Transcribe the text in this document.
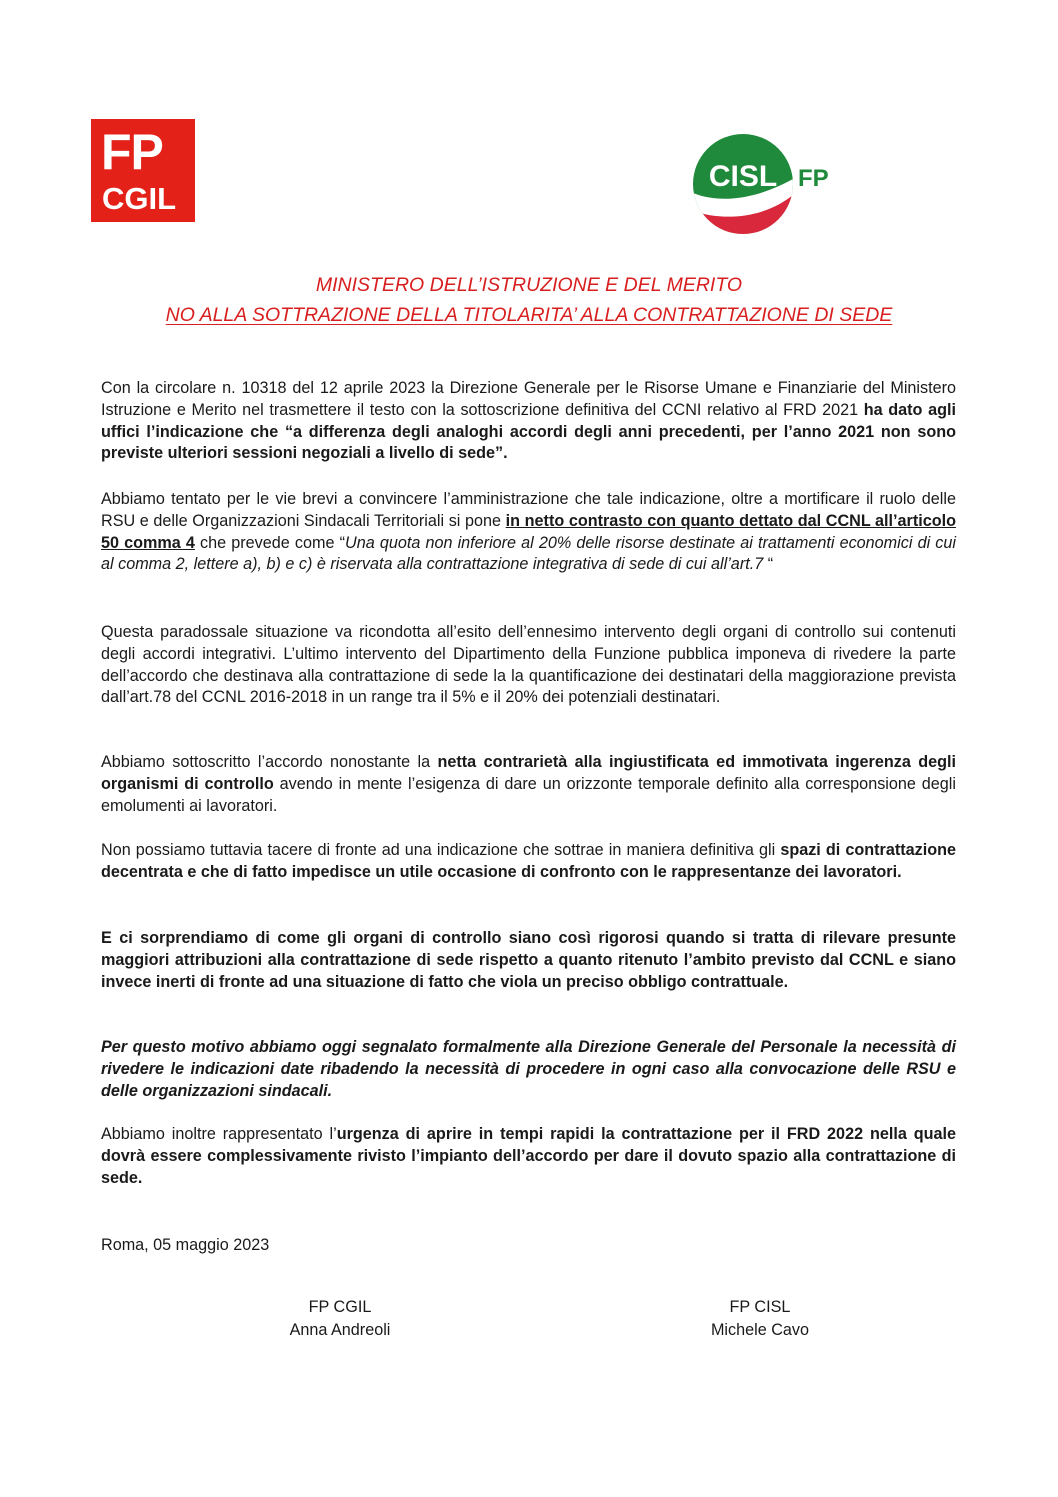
FP
CGIL
CISL FP
MINISTERO DELL’ISTRUZIONE E DEL MERITO
NO ALLA SOTTRAZIONE DELLA TITOLARITA’ ALLA CONTRATTAZIONE DI SEDE

Con la circolare n. 10318 del 12 aprile 2023 la Direzione Generale per le Risorse Umane e Finanziarie del Ministero Istruzione e Merito nel trasmettere il testo con la sottoscrizione definitiva del CCNI relativo al FRD 2021 ha dato agli uffici l’indicazione che “a differenza degli analoghi accordi degli anni precedenti, per l’anno 2021 non sono previste ulteriori sessioni negoziali a livello di sede”.

Abbiamo tentato per le vie brevi a convincere l’amministrazione che tale indicazione, oltre a mortificare il ruolo delle RSU e delle Organizzazioni Sindacali Territoriali si pone in netto contrasto con quanto dettato dal CCNL all’articolo 50 comma 4 che prevede come “Una quota non inferiore al 20% delle risorse destinate ai trattamenti economici di cui al comma 2, lettere a), b) e c) è riservata alla contrattazione integrativa di sede di cui all’art.7 “

Questa paradossale situazione va ricondotta all’esito dell’ennesimo intervento degli organi di controllo sui contenuti degli accordi integrativi. L’ultimo intervento del Dipartimento della Funzione pubblica imponeva di rivedere la parte dell’accordo che destinava alla contrattazione di sede la la quantificazione dei destinatari della maggiorazione prevista dall’art.78 del CCNL 2016-2018 in un range tra il 5% e il 20% dei potenziali destinatari.

Abbiamo sottoscritto l’accordo nonostante la netta contrarietà alla ingiustificata ed immotivata ingerenza degli organismi di controllo avendo in mente l’esigenza di dare un orizzonte temporale definito alla corresponsione degli emolumenti ai lavoratori.

Non possiamo tuttavia tacere di fronte ad una indicazione che sottrae in maniera definitiva gli spazi di contrattazione decentrata e che di fatto impedisce un utile occasione di confronto con le rappresentanze dei lavoratori.

E ci sorprendiamo di come gli organi di controllo siano così rigorosi quando si tratta di rilevare presunte maggiori attribuzioni alla contrattazione di sede rispetto a quanto ritenuto l’ambito previsto dal CCNL e siano invece inerti di fronte ad una situazione di fatto che viola un preciso obbligo contrattuale.

Per questo motivo abbiamo oggi segnalato formalmente alla Direzione Generale del Personale la necessità di rivedere le indicazioni date ribadendo la necessità di procedere in ogni caso alla convocazione delle RSU e delle organizzazioni sindacali.

Abbiamo inoltre rappresentato l’urgenza di aprire in tempi rapidi la contrattazione per il FRD 2022 nella quale dovrà essere complessivamente rivisto l’impianto dell’accordo per dare il dovuto spazio alla contrattazione di sede.

Roma, 05 maggio 2023
FP CGIL
Anna Andreoli
FP CISL
Michele Cavo
